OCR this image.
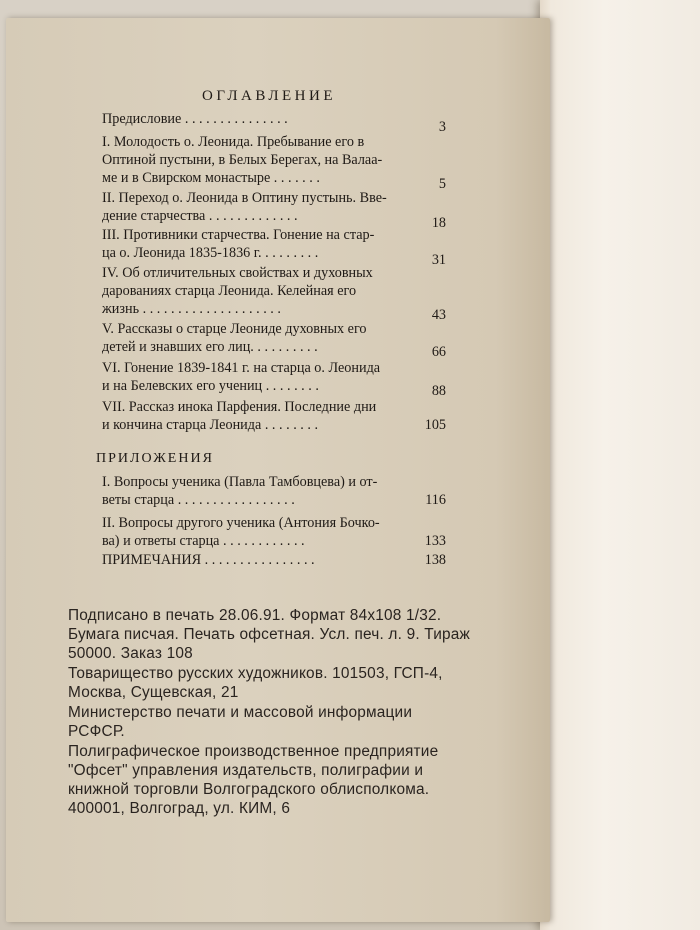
ОГЛАВЛЕНИЕ
Предисловие . . . . . . . . . . . . . . .	3
I. Молодость о. Леонида. Пребывание его в
Оптиной пустыни, в Белых Берегах, на Валаа-
ме и в Свирском монастыре . . . . . . .	5
II. Переход о. Леонида в Оптину пустынь. Вве-
дение старчества . . . . . . . . . . . . .	18
III. Противники старчества. Гонение на стар-
ца о. Леонида 1835-1836 г. . . . . . . . .	31
IV. Об отличительных свойствах и духовных
дарованиях старца Леонида. Келейная его
жизнь . . . . . . . . . . . . . . . . . . . .	43
V. Рассказы о старце Леониде духовных его
детей и знавших его лиц. . . . . . . . . .	66
VI. Гонение 1839-1841 г. на старца о. Леонида
и на Белевских его учениц . . . . . . . .	88
VII. Рассказ инока Парфения. Последние дни
и кончина старца Леонида . . . . . . . .	105
ПРИЛОЖЕНИЯ
I. Вопросы ученика (Павла Тамбовцева) и от-
веты старца . . . . . . . . . . . . . . . . .	116
II. Вопросы другого ученика (Антония Бочко-
ва) и ответы старца . . . . . . . . . . . .	133
ПРИМЕЧАНИЯ . . . . . . . . . . . . . . . .	138
Подписано в печать 28.06.91. Формат 84х108 1/32.
Бумага писчая. Печать офсетная. Усл. печ. л. 9. Тираж
50000. Заказ 108
Товарищество русских художников. 101503, ГСП-4,
Москва, Сущевская, 21
Министерство печати и массовой информации
РСФСР.
Полиграфическое производственное предприятие
"Офсет" управления издательств, полиграфии и
книжной торговли Волгоградского облисполкома.
400001, Волгоград, ул. КИМ, 6
